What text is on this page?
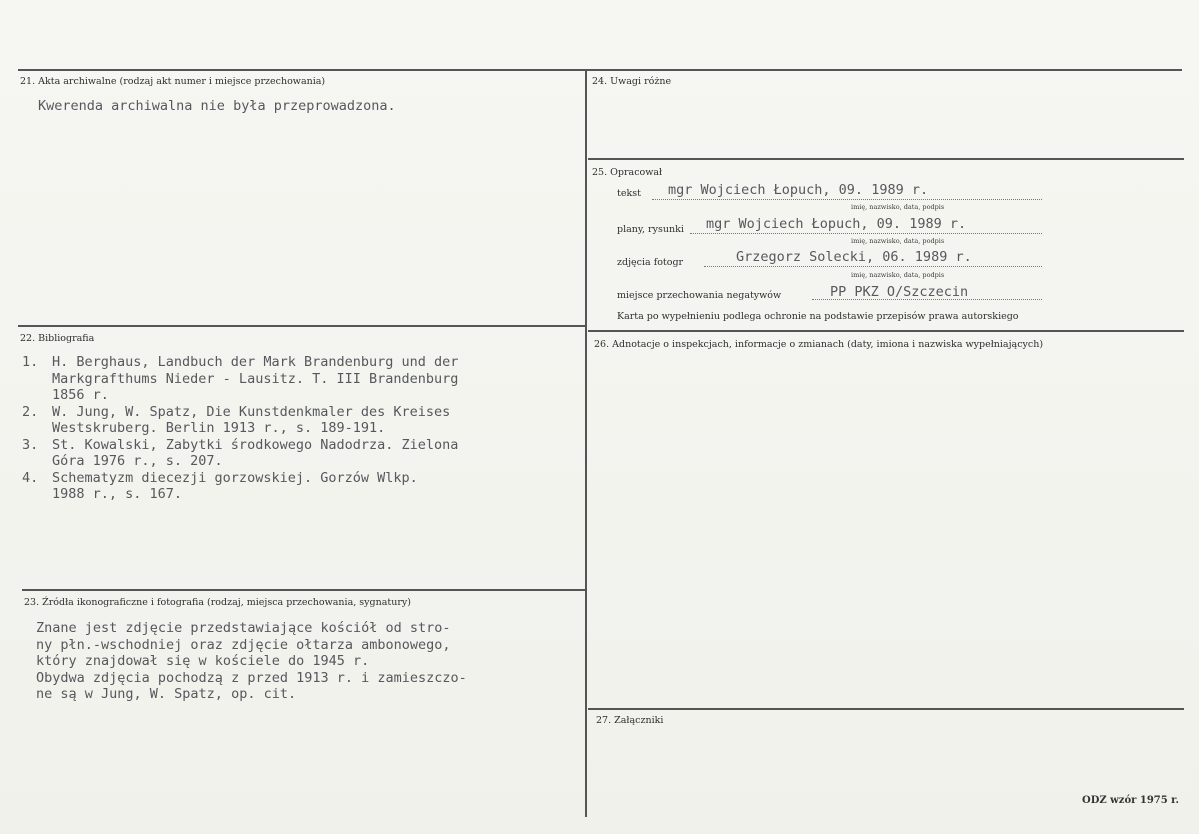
21. Akta archiwalne (rodzaj akt numer i miejsce przechowania)
Kwerenda archiwalna nie była przeprowadzona.
22. Bibliografia
1.	H. Berghaus, Landbuch der Mark Brandenburg und der
Markgrafthums Nieder - Lausitz. T. III Brandenburg
1856 r.
2.	W. Jung, W. Spatz, Die Kunstdenkmaler des Kreises
Westskruberg. Berlin 1913 r., s. 189-191.
3.	St. Kowalski, Zabytki środkowego Nadodrza. Zielona
Góra 1976 r., s. 207.
4.	Schematyzm diecezji gorzowskiej. Gorzów Wlkp.
1988 r., s. 167.
23. Źródła ikonograficzne i fotografia (rodzaj, miejsca przechowania, sygnatury)
Znane jest zdjęcie przedstawiające kościół od stro-
ny płn.-wschodniej oraz zdjęcie ołtarza ambonowego,
który znajdował się w kościele do 1945 r.
Obydwa zdjęcia pochodzą z przed 1913 r. i zamieszczo-
ne są w Jung, W. Spatz, op. cit.
24. Uwagi różne
25. Opracował
tekst mgr Wojciech Łopuch, 09. 1989 r.
imię, nazwisko, data, podpis
plany, rysunki mgr Wojciech Łopuch, 09. 1989 r.
imię, nazwisko, data, podpis
zdjęcia fotogr	Grzegorz Solecki, 06. 1989 r.
imię, nazwisko, data, podpis
miejsce przechowania negatywów	PP PKZ O/Szczecin
Karta po wypełnieniu podlega ochronie na podstawie przepisów prawa autorskiego
26. Adnotacje o inspekcjach, informacje o zmianach (daty, imiona i nazwiska wypełniających)
27. Załączniki
ODZ wzór 1975 r.
